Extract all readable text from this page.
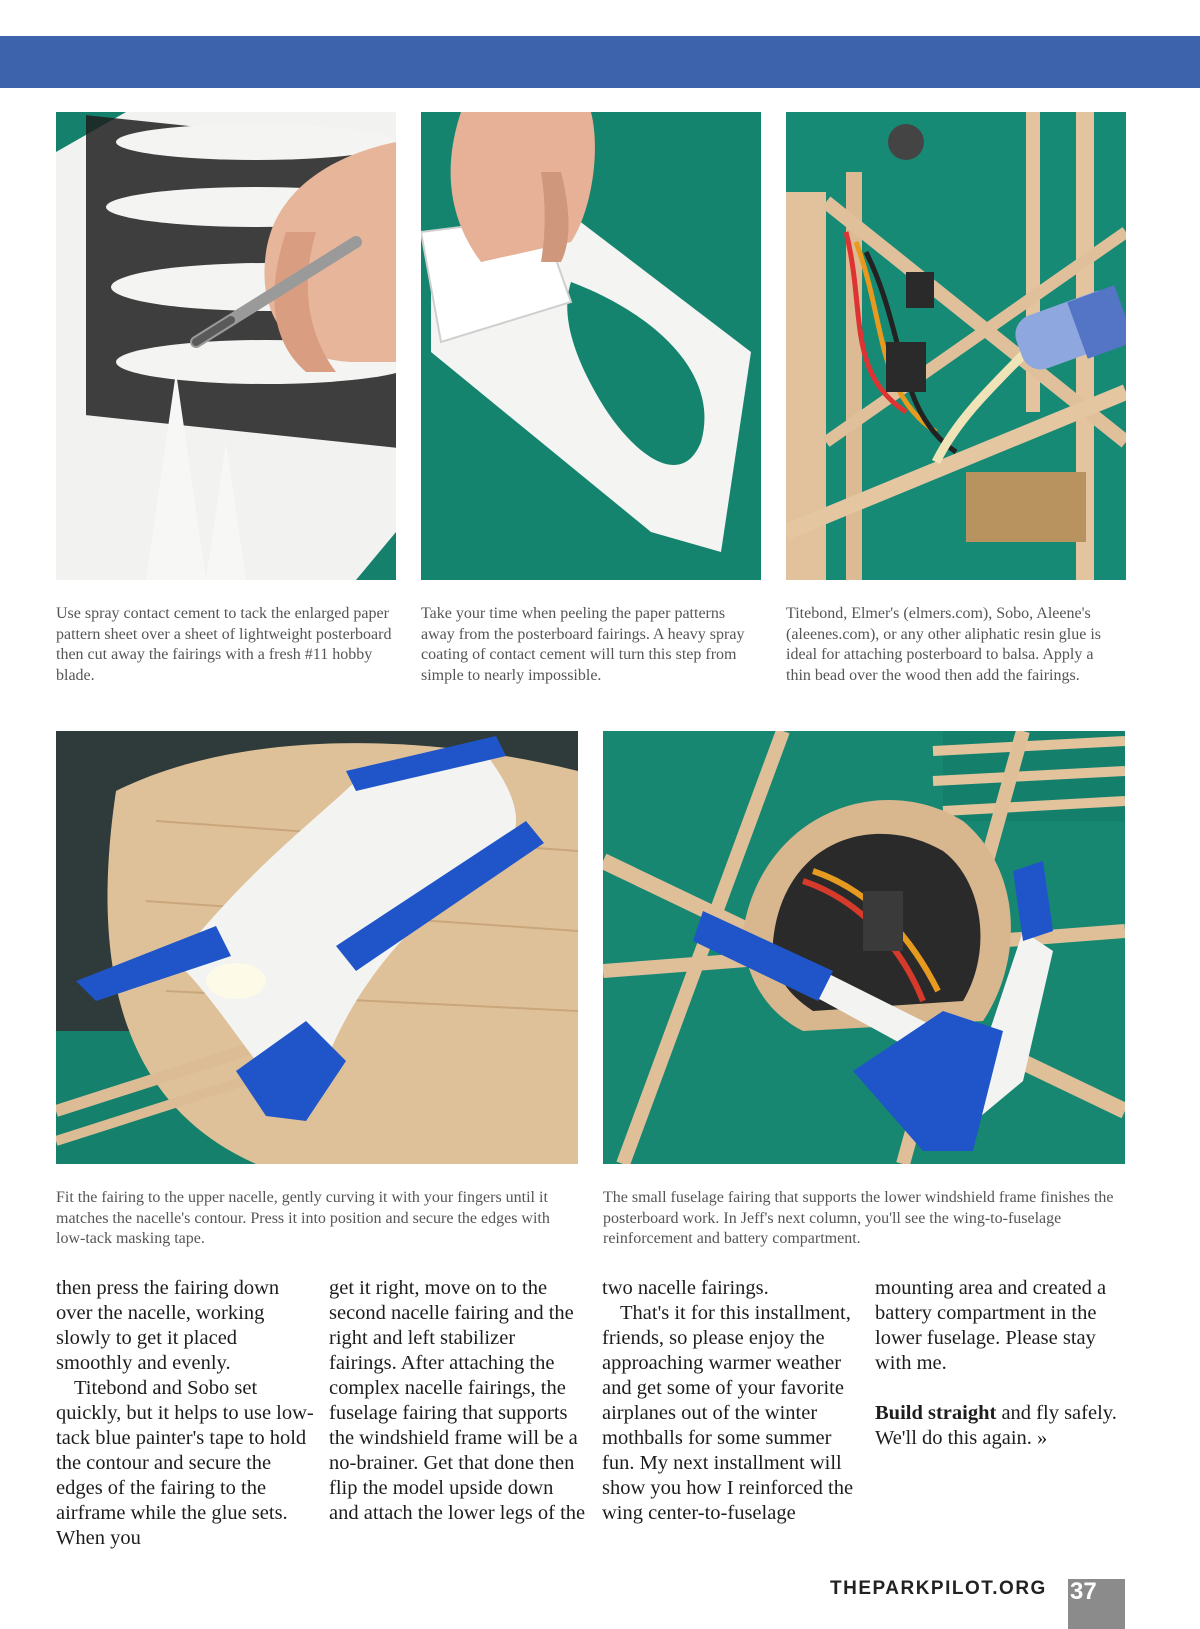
Use spray contact cement to tack the enlarged paper pattern sheet over a sheet of lightweight posterboard then cut away the fairings with a fresh #11 hobby blade.
Take your time when peeling the paper patterns away from the posterboard fairings. A heavy spray coating of contact cement will turn this step from simple to nearly impossible.
Titebond, Elmer's (elmers.com), Sobo, Aleene's (aleenes.com), or any other aliphatic resin glue is ideal for attaching posterboard to balsa. Apply a thin bead over the wood then add the fairings.
Fit the fairing to the upper nacelle, gently curving it with your fingers until it matches the nacelle's contour. Press it into position and secure the edges with low-tack masking tape.
The small fuselage fairing that supports the lower windshield frame finishes the posterboard work. In Jeff's next column, you'll see the wing-to-fuselage reinforcement and battery compartment.

then press the fairing down over the nacelle, working slowly to get it placed smoothly and evenly.

Titebond and Sobo set quickly, but it helps to use low-tack blue painter's tape to hold the contour and secure the edges of the fairing to the airframe while the glue sets. When you

get it right, move on to the second nacelle fairing and the right and left stabilizer fairings. After attaching the complex nacelle fairings, the fuselage fairing that supports the windshield frame will be a no-brainer. Get that done then flip the model upside down and attach the lower legs of the

two nacelle fairings.

That's it for this installment, friends, so please enjoy the approaching warmer weather and get some of your favorite airplanes out of the winter mothballs for some summer fun. My next installment will show you how I reinforced the wing center-to-fuselage

mounting area and created a battery compartment in the lower fuselage. Please stay with me.

Build straight and fly safely. We'll do this again. »

THEPARKPILOT.ORG 37
